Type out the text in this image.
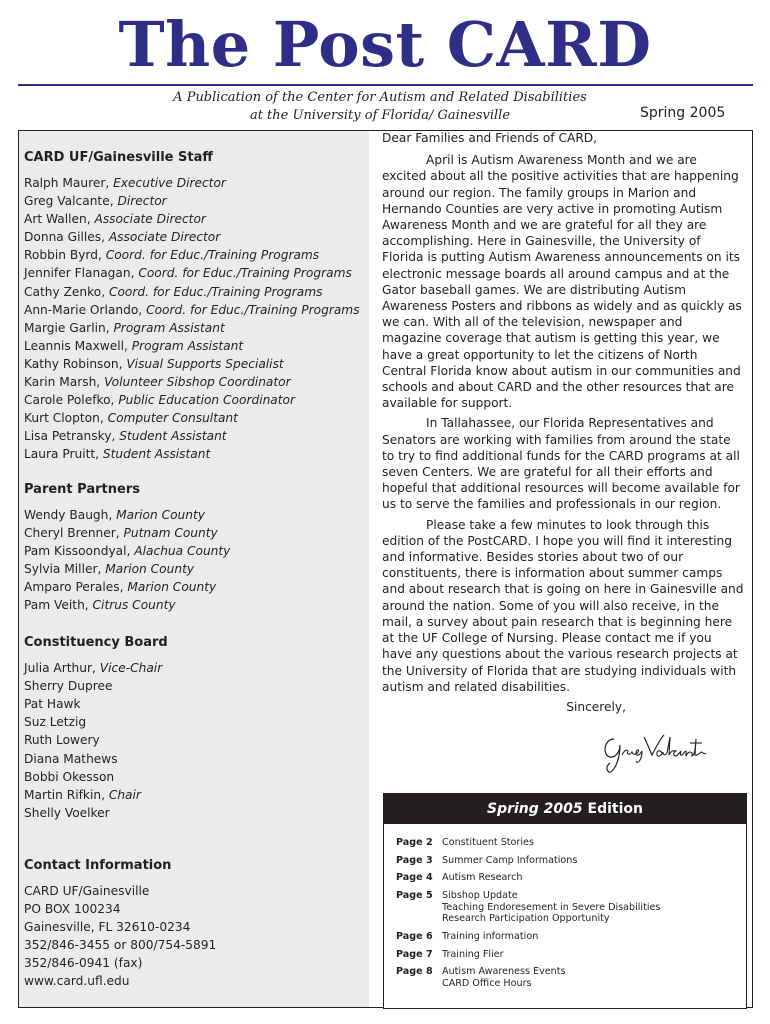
The Post CARD
A Publication of the Center for Autism and Related Disabilities
at the University of Florida/ Gainesville	Spring 2005
CARD UF/Gainesville Staff
Ralph Maurer, Executive Director
Greg Valcante, Director
Art Wallen, Associate Director
Donna Gilles, Associate Director
Robbin Byrd, Coord. for Educ./Training Programs
Jennifer Flanagan, Coord. for Educ./Training Programs
Cathy Zenko, Coord. for Educ./Training Programs
Ann-Marie Orlando, Coord. for Educ./Training Programs
Margie Garlin, Program Assistant
Leannis Maxwell, Program Assistant
Kathy Robinson, Visual Supports Specialist
Karin Marsh, Volunteer Sibshop Coordinator
Carole Polefko, Public Education Coordinator
Kurt Clopton, Computer Consultant
Lisa Petransky, Student Assistant
Laura Pruitt, Student Assistant
Parent Partners
Wendy Baugh, Marion County
Cheryl Brenner, Putnam County
Pam Kissoondyal, Alachua County
Sylvia Miller, Marion County
Amparo Perales, Marion County
Pam Veith, Citrus County
Constituency Board
Julia Arthur, Vice-Chair
Sherry Dupree
Pat Hawk
Suz Letzig
Ruth Lowery
Diana Mathews
Bobbi Okesson
Martin Rifkin, Chair
Shelly Voelker
Contact Information
CARD UF/Gainesville
PO BOX 100234
Gainesville, FL 32610-0234
352/846-3455 or 800/754-5891
352/846-0941 (fax)
www.card.ufl.edu

Dear Families and Friends of CARD,

April is Autism Awareness Month and we are excited about all the positive activities that are happening around our region. The family groups in Marion and Hernando Counties are very active in promoting Autism Awareness Month and we are grateful for all they are accomplishing. Here in Gainesville, the University of Florida is putting Autism Awareness announcements on its electronic message boards all around campus and at the Gator baseball games. We are distributing Autism Awareness Posters and ribbons as widely and as quickly as we can. With all of the television, newspaper and magazine coverage that autism is getting this year, we have a great opportunity to let the citizens of North Central Florida know about autism in our communities and schools and about CARD and the other resources that are available for support.

In Tallahassee, our Florida Representatives and Senators are working with families from around the state to try to find additional funds for the CARD programs at all seven Centers. We are grateful for all their efforts and hopeful that additional resources will become available for us to serve the families and professionals in our region.

Please take a few minutes to look through this edition of the PostCARD. I hope you will find it interesting and informative. Besides stories about two of our constituents, there is information about summer camps and about research that is going on here in Gainesville and around the nation. Some of you will also receive, in the mail, a survey about pain research that is beginning here at the UF College of Nursing. Please contact me if you have any questions about the various research projects at the University of Florida that are studying individuals with autism and related disabilities.

Sincerely,

Spring 2005 Edition
Page 2 Constituent Stories
Page 3 Summer Camp Informations
Page 4 Autism Research
Page 5 Sibshop Update
Teaching Endoresement in Severe Disabilities
Research Participation Opportunity
Page 6 Training information
Page 7 Training Flier
Page 8 Autism Awareness Events
CARD Office Hours
